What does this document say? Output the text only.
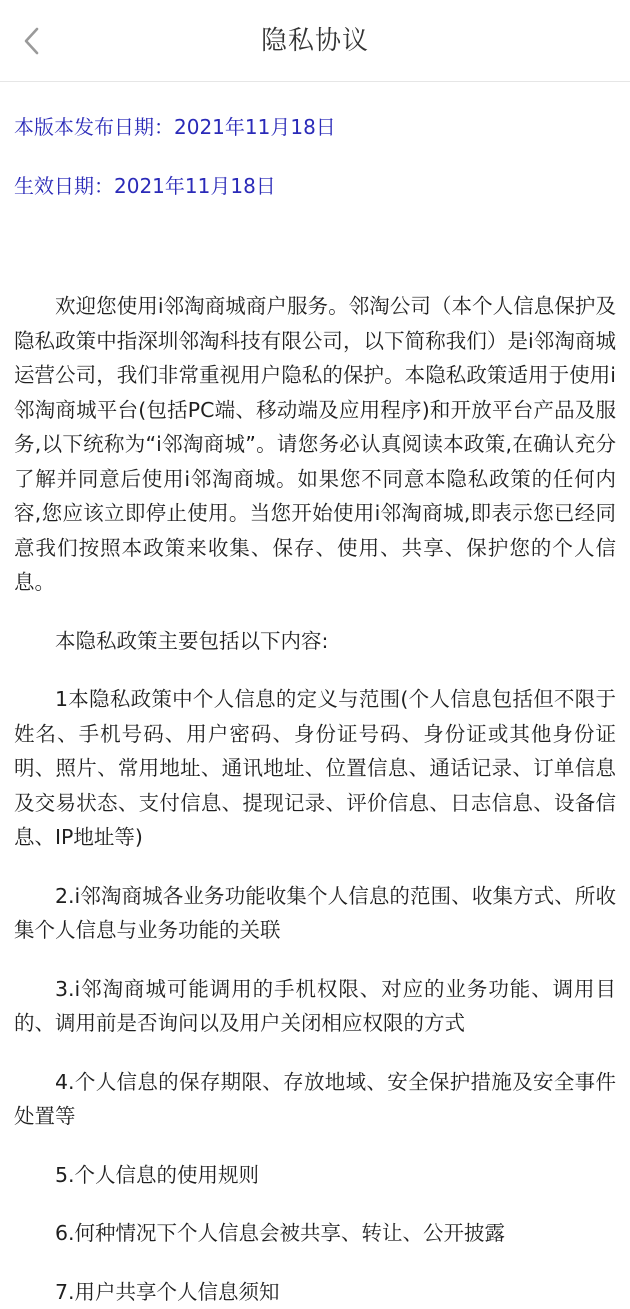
隐私协议

本版本发布日期：2021年11月18日

生效日期：2021年11月18日

欢迎您使用i邻淘商城商户服务。邻淘公司（本个人信息保护及隐私政策中指深圳邻淘科技有限公司，以下简称我们）是i邻淘商城运营公司，我们非常重视用户隐私的保护。本隐私政策适用于使用i邻淘商城平台(包括PC端、移动端及应用程序)和开放平台产品及服务,以下统称为“i邻淘商城”。请您务必认真阅读本政策,在确认充分了解并同意后使用i邻淘商城。如果您不同意本隐私政策的任何内容,您应该立即停止使用。当您开始使用i邻淘商城,即表示您已经同意我们按照本政策来收集、保存、使用、共享、保护您的个人信息。

本隐私政策主要包括以下内容:

1本隐私政策中个人信息的定义与范围(个人信息包括但不限于姓名、手机号码、用户密码、身份证号码、身份证或其他身份证明、照片、常用地址、通讯地址、位置信息、通话记录、订单信息及交易状态、支付信息、提现记录、评价信息、日志信息、设备信息、IP地址等)

2.i邻淘商城各业务功能收集个人信息的范围、收集方式、所收集个人信息与业务功能的关联

3.i邻淘商城可能调用的手机权限、对应的业务功能、调用目的、调用前是否询问以及用户关闭相应权限的方式

4.个人信息的保存期限、存放地域、安全保护措施及安全事件处置等

5.个人信息的使用规则

6.何种情况下个人信息会被共享、转让、公开披露

7.用户共享个人信息须知
